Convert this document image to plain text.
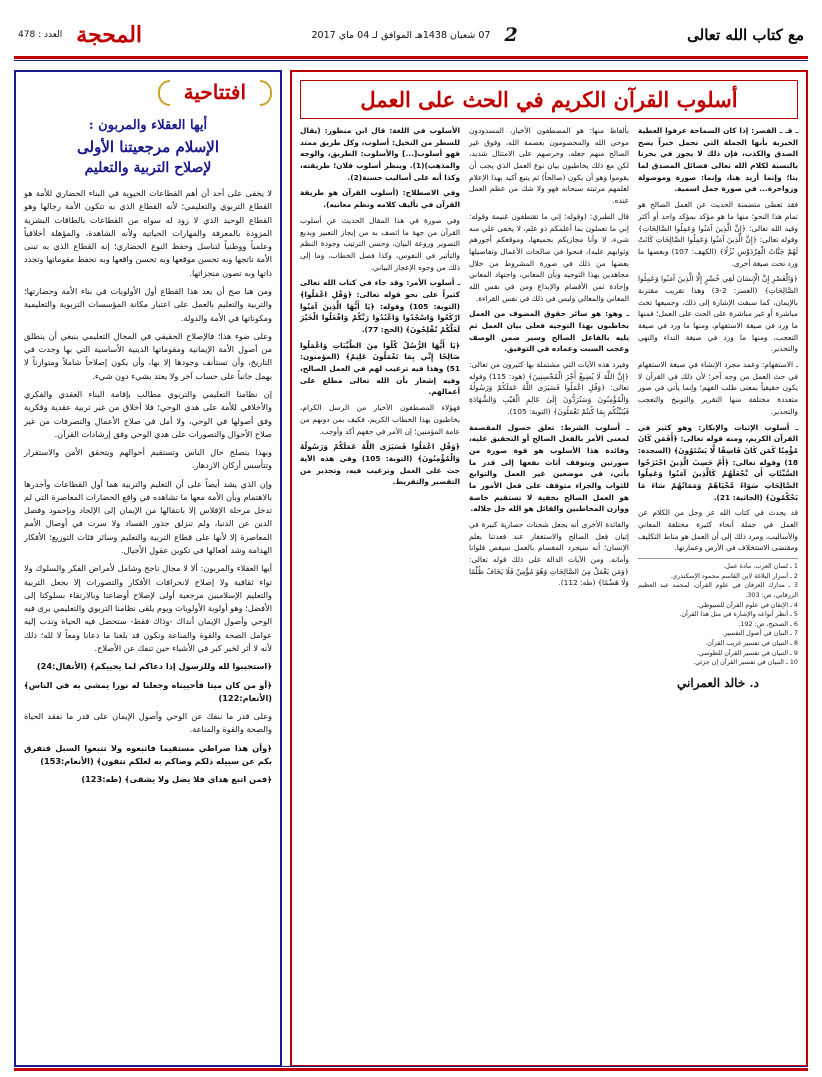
مع كتاب الله تعالى
2
07 شعبان 1438هـ الموافق لـ 04 ماي 2017
المحجة
العدد : 478
أسلوب القرآن الكريم في الحث على العمل

ـ قـ ـ الفصر: إذا كان السماحة عرفوا العطية الخيرية بأنها الجملة التي تحمل خبراً يصح الصدق والكذب، فإن ذلك لا يجوز في بحرنا بالنسبة لكلام الله تعالى فضائل المصدق لما بنا؛ وإنما أريد هنا، وإنما: صورة وموصولة وزواجرة... في صورة جمل اسمية.

فقد تعطى متضمنة الحديث عن العمل الصالح هو تمام هذا النحو؛ منها ما هو مؤكد بمؤكد واحد أو أكثر وقيد الله تعالى: ﴿إِنَّ الَّذِينَ آمَنُوا وَعَمِلُوا الصَّالِحَاتِ﴾ وقوله تعالى: ﴿إِنَّ الَّذِينَ آمَنُوا وَعَمِلُوا الصَّالِحَاتِ كَانَتْ لَهُمْ جَنَّاتُ الْفِرْدَوْسِ نُزُلًا﴾ (الكهف: 107) وبعضها ما ورد تحت صيغة أخرى.

﴿وَالْعَصْرِ إِنَّ الْإِنسَانَ لَفِي خُسْرٍ إِلَّا الَّذِينَ آمَنُوا وَعَمِلُوا الصَّالِحَاتِ﴾ (العصر: 2-3) وهذا تقريب مقترنة بالإيمان، كما سبقت الإشارة إلى ذلك، وجميعها تحث مباشرة أو غير مباشرة على الحث على العمل؛ فمنها ما ورد في صيغة الاستفهام، ومنها ما ورد في صيغة التعجب، ومنها ما ورد في صيغة النداء والنهي والتحذير.

ـ الاستفهام: وعمد مجرد الإنشاء في صيغة الاستفهام في حث العمل من وجه آخر؛ لأن ذلك في القرآن لا يكون حقيقياً بمعنى طلب الفهم؛ وإنما يأتي في صور متعددة مختلفة منها التقرير والتوبيخ والتعجب والتحذير.

ـ أسلوب الإثبات والإنكار: وهو كثير في القرآن الكريم، ومنه قوله تعالى: ﴿أَفَمَن كَانَ مُؤْمِنًا كَمَن كَانَ فَاسِقًا لَّا يَسْتَوُونَ﴾ (السجدة: 18) وقوله تعالى: ﴿أَمْ حَسِبَ الَّذِينَ اجْتَرَحُوا السَّيِّئَاتِ أَن نَّجْعَلَهُمْ كَالَّذِينَ آمَنُوا وَعَمِلُوا الصَّالِحَاتِ سَوَاءً مَّحْيَاهُمْ وَمَمَاتُهُمْ سَاءَ مَا يَحْكُمُونَ﴾ (الجاثية: 21).

قد يحدث في كتاب الله عز وجل من الكلام عن العمل في جملة أنحاء كثيرة مختلفة المعاني والأساليب، ومرد ذلك إلى أن العمل هو مناط التكليف ومقتضى الاستخلاف في الأرض وعمارتها.

1 ـ لسان العرب، مادة عمل.
2 ـ أسرار البلاغة لابن القاسم محمود الإسكندري.
3 ـ مدارك العرفان في علوم القرآن، لمحمد عبد العظيم الزرقاني، ص: 303.
4 ـ الإتقان في علوم القرآن للسيوطي.
5 ـ أنظر أنواعه والإشارة في مثل هذا القرآن.
6 ـ الصحيح، ص: 192.
7 ـ البيان في أصول التفسير.
8 ـ التبيان في تفسير غريب القرآن.
9 ـ التبيان في تفسير القرآن للطوسي.
10 ـ التبيان في تفسير القرآن إن جزئي.
د. خالد العمراني

بألفاظ منها: هو المصطفون الأخيار، المسدودون موحى الله والمحصومون بعصمة الله، وفوق غير الصالح منهم جعله، وحرصهم على الامتثال شديد، لكن مع ذلك يخاطبون بيان نوع العمل الذي يجب أن يقوموا وهو أن يكون (صالحاً) ثم يتبع أكيد بهذا الإعلام لعلمهم مرتبته سبحانه فهو ولا شك من عظم العمل عنده.

قال الطبري: (وقوله: إني ما تقتطفون غنيمة وقوله: إني ما تعملون بما أعلمكم ذو علم، لا يخفى علي منه شيء، لا وأنا مجازيكم بجميعها، وموقعكم أجورهم وثوابهم عليه)، فنحوا في صالحات الأعمال وتفاصيلها بعضها من ذلك في صورة المشروط من خلال مجاهدين بهذا التوجيه وبأن المعاني، واجتهاد المعاني وإجادة ثمن الأقصام والإبداع ومن في نفس الله المعاني والمعالي وليس في ذلك في نفس القراءة.

ـ وهو: هو سائر حقوق المضوف من العمل بخاطبون بهذا التوجيه فعلى بيان العمل ثم يليه بالفاعل الصالح وسير ضمن الوصف وعجب السبت وعماده في التوفيق.

وفيرد هذه الآيات التي مشتملة بها كثيرون من تعالى: ﴿إِنَّ اللَّهَ لَا يُضِيعُ أَجْرَ الْمُحْسِنِينَ﴾ (هود: 115) وقوله تعالى: ﴿وَقُلِ اعْمَلُوا فَسَيَرَى اللَّهُ عَمَلَكُمْ وَرَسُولُهُ وَالْمُؤْمِنُونَ وَسَتُرَدُّونَ إِلَىٰ عَالِمِ الْغَيْبِ وَالشَّهَادَةِ فَيُنَبِّئُكُم بِمَا كُنتُمْ تَعْمَلُونَ﴾ (التوبة: 105).

ـ أسلوب الشرط: تعلق حصول المقصمة لمعنى الأمر بالفعل الصالح أو التحقيق عليه، وفائدة هذا الأسلوب هو قوة صورة من صورتين ويتوقف أثاث نفعها إلى قدر ما يأتي، في موضعين غير العمل والتوابع للثواب والجزاء متوقف على فعل الأمور ما هو العمل الصالح بخفية لا تستقيم خاصة ووازن المخاطبين والقائل هو الله جل جلاله.

والفائدة الأخرى أنه يجعل شحنات حصارية كبيرة في إتيان فعل الصالح والاستغفار عند قعدتنا بعلم الإنسان؛ أنه سيجرد المقسام بالعمل سيقص قلوانا وأمانه. ومن الآيات الدالة على ذلك قوله تعالى: ﴿وَمَن يَعْمَلْ مِنَ الصَّالِحَاتِ وَهُوَ مُؤْمِنٌ فَلَا يَخَافُ ظُلْمًا وَلَا هَضْمًا﴾ (طه: 112).

الأسلوب في اللغة: قال ابن منظور: (يقال للسطر من النخيل: أسلوب، وكل طريق ممتد فهو أسلوب[...] والأسلوب: الطريق، والوجه والمذهب)(1). وينظر أسلوب فلان؛ طريقته، وكذا أنه على أساليب حسنة(2).

وفي الاصطلاح: (أسلوب القرآن هو طريقة القرآن في تأليف كلامه ونظم معانيه).

وفي صورة في هذا المقال الحديث عن أسلوب القرآن من جهة ما اتصف به من إيجاز التعبير وبديع التصوير وروعة البيان، وحسن الترتيب وجودة النظم والتأثير في النفوس، وكذا فصل الخطاب، وما إلى ذلك من وجوه الإعجاز البياني.

ـ أسلوب الأمر: وقد جاء في كتاب الله تعالى كثيراً على نحو قوله تعالى: ﴿وَقُلِ اعْمَلُوا﴾ (التوبة: 105) وقوله: ﴿يَا أَيُّهَا الَّذِينَ آمَنُوا ارْكَعُوا وَاسْجُدُوا وَاعْبُدُوا رَبَّكُمْ وَافْعَلُوا الْخَيْرَ لَعَلَّكُمْ تُفْلِحُونَ﴾ (الحج: 77).

﴿يَا أَيُّهَا الرُّسُلُ كُلُوا مِنَ الطَّيِّبَاتِ وَاعْمَلُوا صَالِحًا إِنِّي بِمَا تَعْمَلُونَ عَلِيمٌ﴾ (المؤمنون: 51) وهذا فيه ترغيب لهم في العمل الصالح، وفيه إشعار بأن الله تعالى مطلع على أعمالهم.

فهؤلاء المصطفون الأخيار من الرسل الكرام، يخاطبون بهذا الخطاب الكريم، فكيف بمن دونهم من عامة المؤمنين؛ إن الأمر في حقهم آكد وأوجب.

﴿وَقُلِ اعْمَلُوا فَسَيَرَى اللَّهُ عَمَلَكُمْ وَرَسُولُهُ وَالْمُؤْمِنُونَ﴾ (التوبة: 105) وفي هذه الآية حث على العمل وترغيب فيه، وتحذير من التقصير والتفريط.

افتتاحية
أيها العقلاء والمربون :
الإسلام مرجعيتنا الأولى
لإصلاح التربية والتعليم

لا يخفى على أحد أن أهم القطاعات الحيوية في البناء الحضاري للأمة هو القطاع التربوي والتعليمي؛ لأنه القطاع الذي به تتكون الأمة رجالها وهو القطاع الوحيد الذي لا زود له سواه من القطاعات بالطاقات البشرية المزودة بالمعرفة والمهارات الحياتية ولأنه الشاهدة، والمؤهلة أخلاقياً وعلمياً ووطنياً لتناسل وحفظ النوع الحضاري؛ إنه القطاع الذي به تبنى الأمة ناتجها وبه تحسن موقعها وبه تحسن واقعها وبه تحفظ مقوماتها وتجدد ذاتها وبه تصون منجزاتها.

ومن هنا صح أن يعد هذا القطاع أول الأولويات في بناء الأمة وحضارتها؛ والتربية والتعليم بالعمل على اعتبار مكانة المؤسسات التربوية والتعليمية ومكوناتها في الأمة والدولة.

وعلى ضوء هذا؛ فالإصلاح الحقيقي في المجال التعليمي ينبغي أن ينطلق من أصول الأمة الإيمانية ومقوماتها الدينية الأساسية التي بها وجدت في التاريخ، وأن تستأنف وجودها إلا بها، وأن يكون إصلاحاً شاملاً ومتوازناً لا يهمل جانباً على حساب آخر ولا يعتد بشيء دون شيء.

إن نظامنا التعليمي والتربوي مطالب بإقامة البناء العقدي والفكري والأخلاقي للأمة على هدي الوحي؛ فلا أخلاق من غير تربية عقدية وفكرية وفق أصولها في الوحي، ولا أمل في صلاح الأعمال والتصرفات من غير صلاح الأحوال والتصورات على هدي الوحي وفق إرشادات القرآن.

وبهذا ينصلح حال الناس وتستقيم أحوالهم ويتحقق الأمن والاستقرار وتتأسس أركان الازدهار.

وإن الذي يشد أيضاً على أن التعليم والتربية هما أول القطاعات وأجدرها بالاهتمام وبأن الأمة معها ما تشاهده في واقع الحضارات المعاصرة التي لم تدخل مرحلة الإفلاس إلا بانتقالها من الإيمان إلى الإلحاد وبإحمود وفصل الدين عن الدنيا، ولم تنزلق جذور الفساد ولا سرت في أوصال الأمم المعاصرة إلا لأنها على قطاع التربية والتعليم وسائر فئات التوزيع؛ الأفكار الهدامة وشد أفعالها في تكوين عقول الأجيال.

أيها العقلاء والمربون: ألا لا مجال ناجح وشامل لأمراض الفكر والسلوك ولا تواء ثقافية ولا إصلاح لانحرافات الأفكار والتصورات إلا بجعل التربية والتعليم الإسلاميين مرجعية أولى لإصلاح أوضاعنا وبالارتقاء بسلوكنا إلى الأفضل؛ وهو أولوية الأولويات ويوم يلقى نظامنا التربوي والتعليمي يرى فيه الوحي وأصول الإيمان أنداك -وذاك فقط- ستحصل فيه الحياة وتدب إليه عوامل الصحة والقوة والمناعة ونكون قد بلغنا ما دعانا ومعاً لا لله؛ ذلك لأنه لا أثر لخير كبر في الأشياء حين تنفك عن الأصلاح.

﴿استجيبوا لله وللرسول إذا دعاكم لما يحييكم﴾ (الأنفال:24)

﴿أو من كان ميتا فأحييناه وجعلنا له نورا يمشي به في الناس﴾ (الأنعام:122)

وعلى قدر ما ننفك عن الوحي وأصول الإيمان على قدر ما نفقد الحياة والصحة والقوة والمناعة.

﴿وأن هذا صراطي مستقيما فاتبعوه ولا تتبعوا السبل فتفرق بكم عن سبيله ذلكم وصاكم به لعلكم تتقون﴾ (الأنعام:153)

﴿فمن اتبع هداي فلا يضل ولا يشقى﴾ (طه:123)
